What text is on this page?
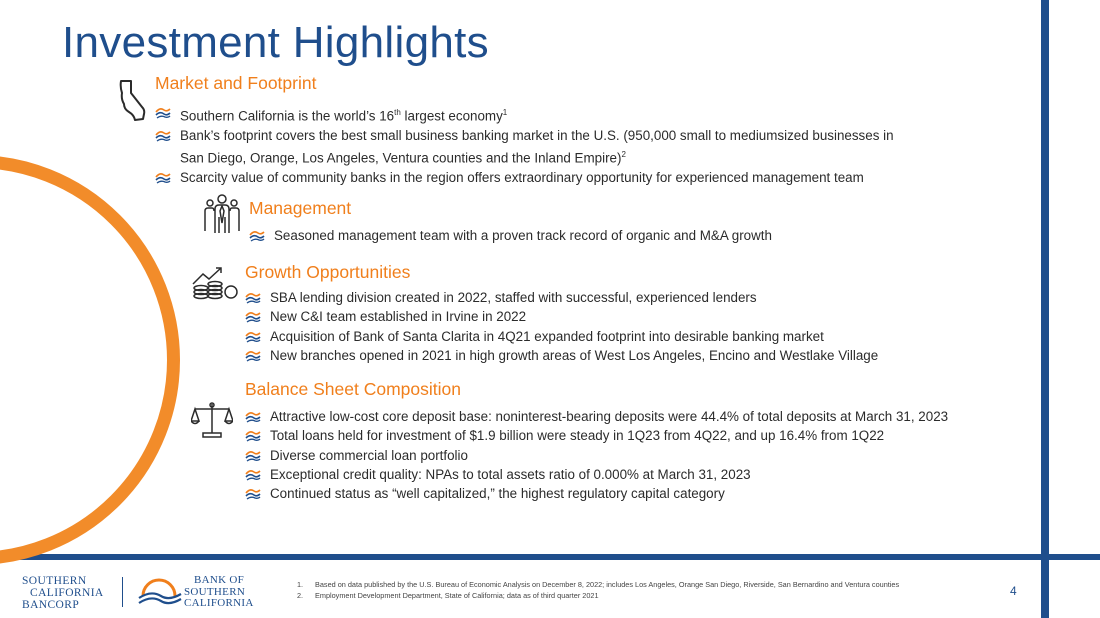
Investment Highlights
Market and Footprint
Southern California is the world’s 16th largest economy$^1$
Bank’s footprint covers the best small business banking market in the U.S. (950,000 small to mediumsized businesses in
San Diego, Orange, Los Angeles, Ventura counties and the Inland Empire)$^2$
Scarcity value of community banks in the region offers extraordinary opportunity for experienced management team
Management
Seasoned management team with a proven track record of organic and M&A growth
Growth Opportunities
SBA lending division created in 2022, staffed with successful, experienced lenders
New C&I team established in Irvine in 2022
Acquisition of Bank of Santa Clarita in 4Q21 expanded footprint into desirable banking market
New branches opened in 2021 in high growth areas of West Los Angeles, Encino and Westlake Village
Balance Sheet Composition
Attractive low-cost core deposit base: noninterest-bearing deposits were 44.4% of total deposits at March 31, 2023
Total loans held for investment of $1.9 billion were steady in 1Q23 from 4Q22, and up 16.4% from 1Q22
Diverse commercial loan portfolio
Exceptional credit quality: NPAs to total assets ratio of 0.000% at March 31, 2023
Continued status as “well capitalized,” the highest regulatory capital category
SOUTHERN
CALIFORNIA
BANCORP
BANK OF
SOUTHERN
CALIFORNIA
1. Based on data published by the U.S. Bureau of Economic Analysis on December 8, 2022; includes Los Angeles, Orange San Diego, Riverside, San Bernardino and Ventura counties
2. Employment Development Department, State of California; data as of third quarter 2021	4
